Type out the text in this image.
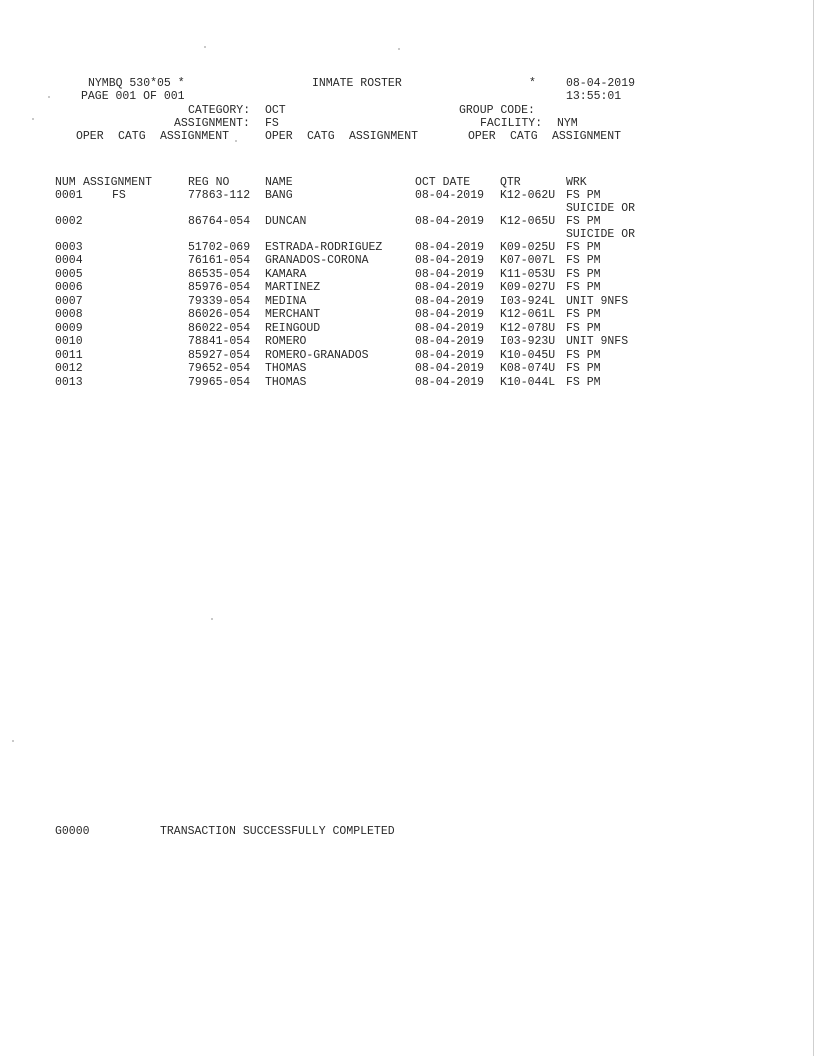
NYMBQ 530*05 *	INMATE ROSTER	*	08-04-2019
PAGE 001 OF 001	13:55:01
CATEGORY: OCT	GROUP CODE:
ASSIGNMENT: FS	FACILITY: NYM
OPER CATG ASSIGNMENT	OPER CATG ASSIGNMENT	OPER CATG ASSIGNMENT
NUM ASSIGNMENT	REG NO	NAME	OCT DATE	QTR	WRK
0001	FS	77863-112 BANG	08-04-2019 K12-062U FS PM
SUICIDE OR
0002	86764-054 DUNCAN	08-04-2019 K12-065U FS PM
SUICIDE OR
0003	51702-069 ESTRADA-RODRIGUEZ	08-04-2019 K09-025U FS PM
0004	76161-054 GRANADOS-CORONA	08-04-2019 K07-007L FS PM
0005	86535-054 KAMARA	08-04-2019 K11-053U FS PM
0006	85976-054 MARTINEZ	08-04-2019 K09-027U FS PM
0007	79339-054 MEDINA	08-04-2019 I03-924L UNIT 9NFS
0008	86026-054 MERCHANT	08-04-2019 K12-061L FS PM
0009	86022-054 REINGOUD	08-04-2019 K12-078U FS PM
0010	78841-054 ROMERO	08-04-2019 I03-923U UNIT 9NFS
0011	85927-054 ROMERO-GRANADOS	08-04-2019 K10-045U FS PM
0012	79652-054 THOMAS	08-04-2019 K08-074U FS PM
0013	79965-054 THOMAS	08-04-2019 K10-044L FS PM
G0000	TRANSACTION SUCCESSFULLY COMPLETED
